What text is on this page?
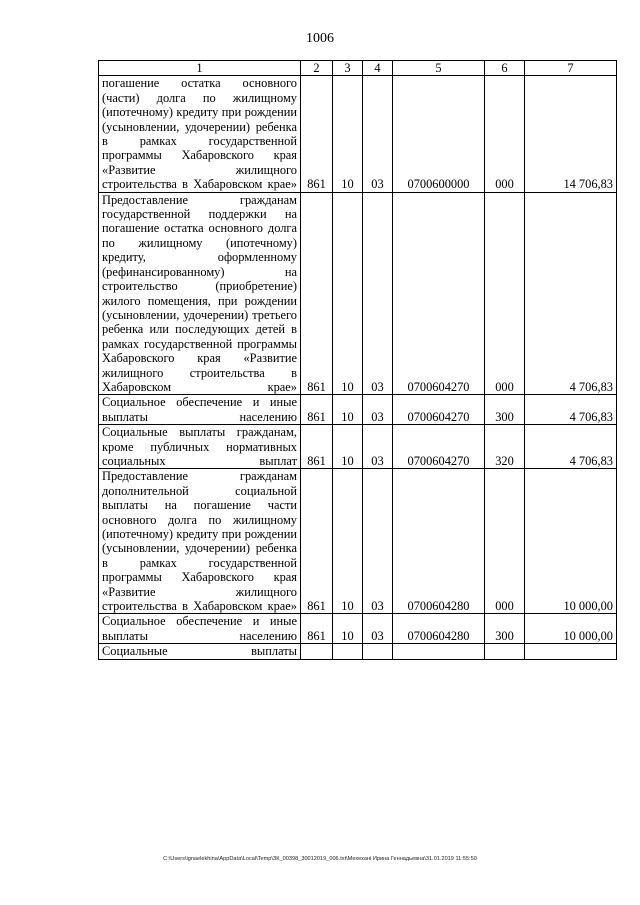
1006
1	2	3	4	5	6	7
погашение остатка основного (части) долга по жилищному (ипотечному) кредиту при рождении (усыновлении, удочерении) ребенка в рамках государственной программы Хабаровского края «Развитие жилищного строительства в Хабаровском крае»	861	10	03	0700600000	000	14 706,83
Предоставление гражданам государственной поддержки на погашение остатка основного долга по жилищному (ипотечному) кредиту, оформленному (рефинансированному) на строительство (приобретение) жилого помещения, при рождении (усыновлении, удочерении) третьего ребенка или последующих детей в рамках государственной программы Хабаровского края «Развитие жилищного строительства в Хабаровском крае»	861	10	03	0700604270	000	4 706,83
Социальное обеспечение и иные выплаты населению	861	10	03	0700604270	300	4 706,83
Социальные выплаты гражданам, кроме публичных нормативных социальных выплат	861	10	03	0700604270	320	4 706,83
Предоставление гражданам дополнительной социальной выплаты на погашение части основного долга по жилищному (ипотечному) кредиту при рождении (усыновлении, удочерении) ребенка в рамках государственной программы Хабаровского края «Развитие жилищного строительства в Хабаровском крае»	861	10	03	0700604280	000	10 000,00
Социальное обеспечение и иные выплаты населению	861	10	03	0700604280	300	10 000,00
Социальные выплаты						
C:\Users\ignaelekhina\AppData\Local\Temp\ЗК_00398_30012019_006.txt\Мехеханi Ирина Геннадьевна\31.01.2019 11:55:50
